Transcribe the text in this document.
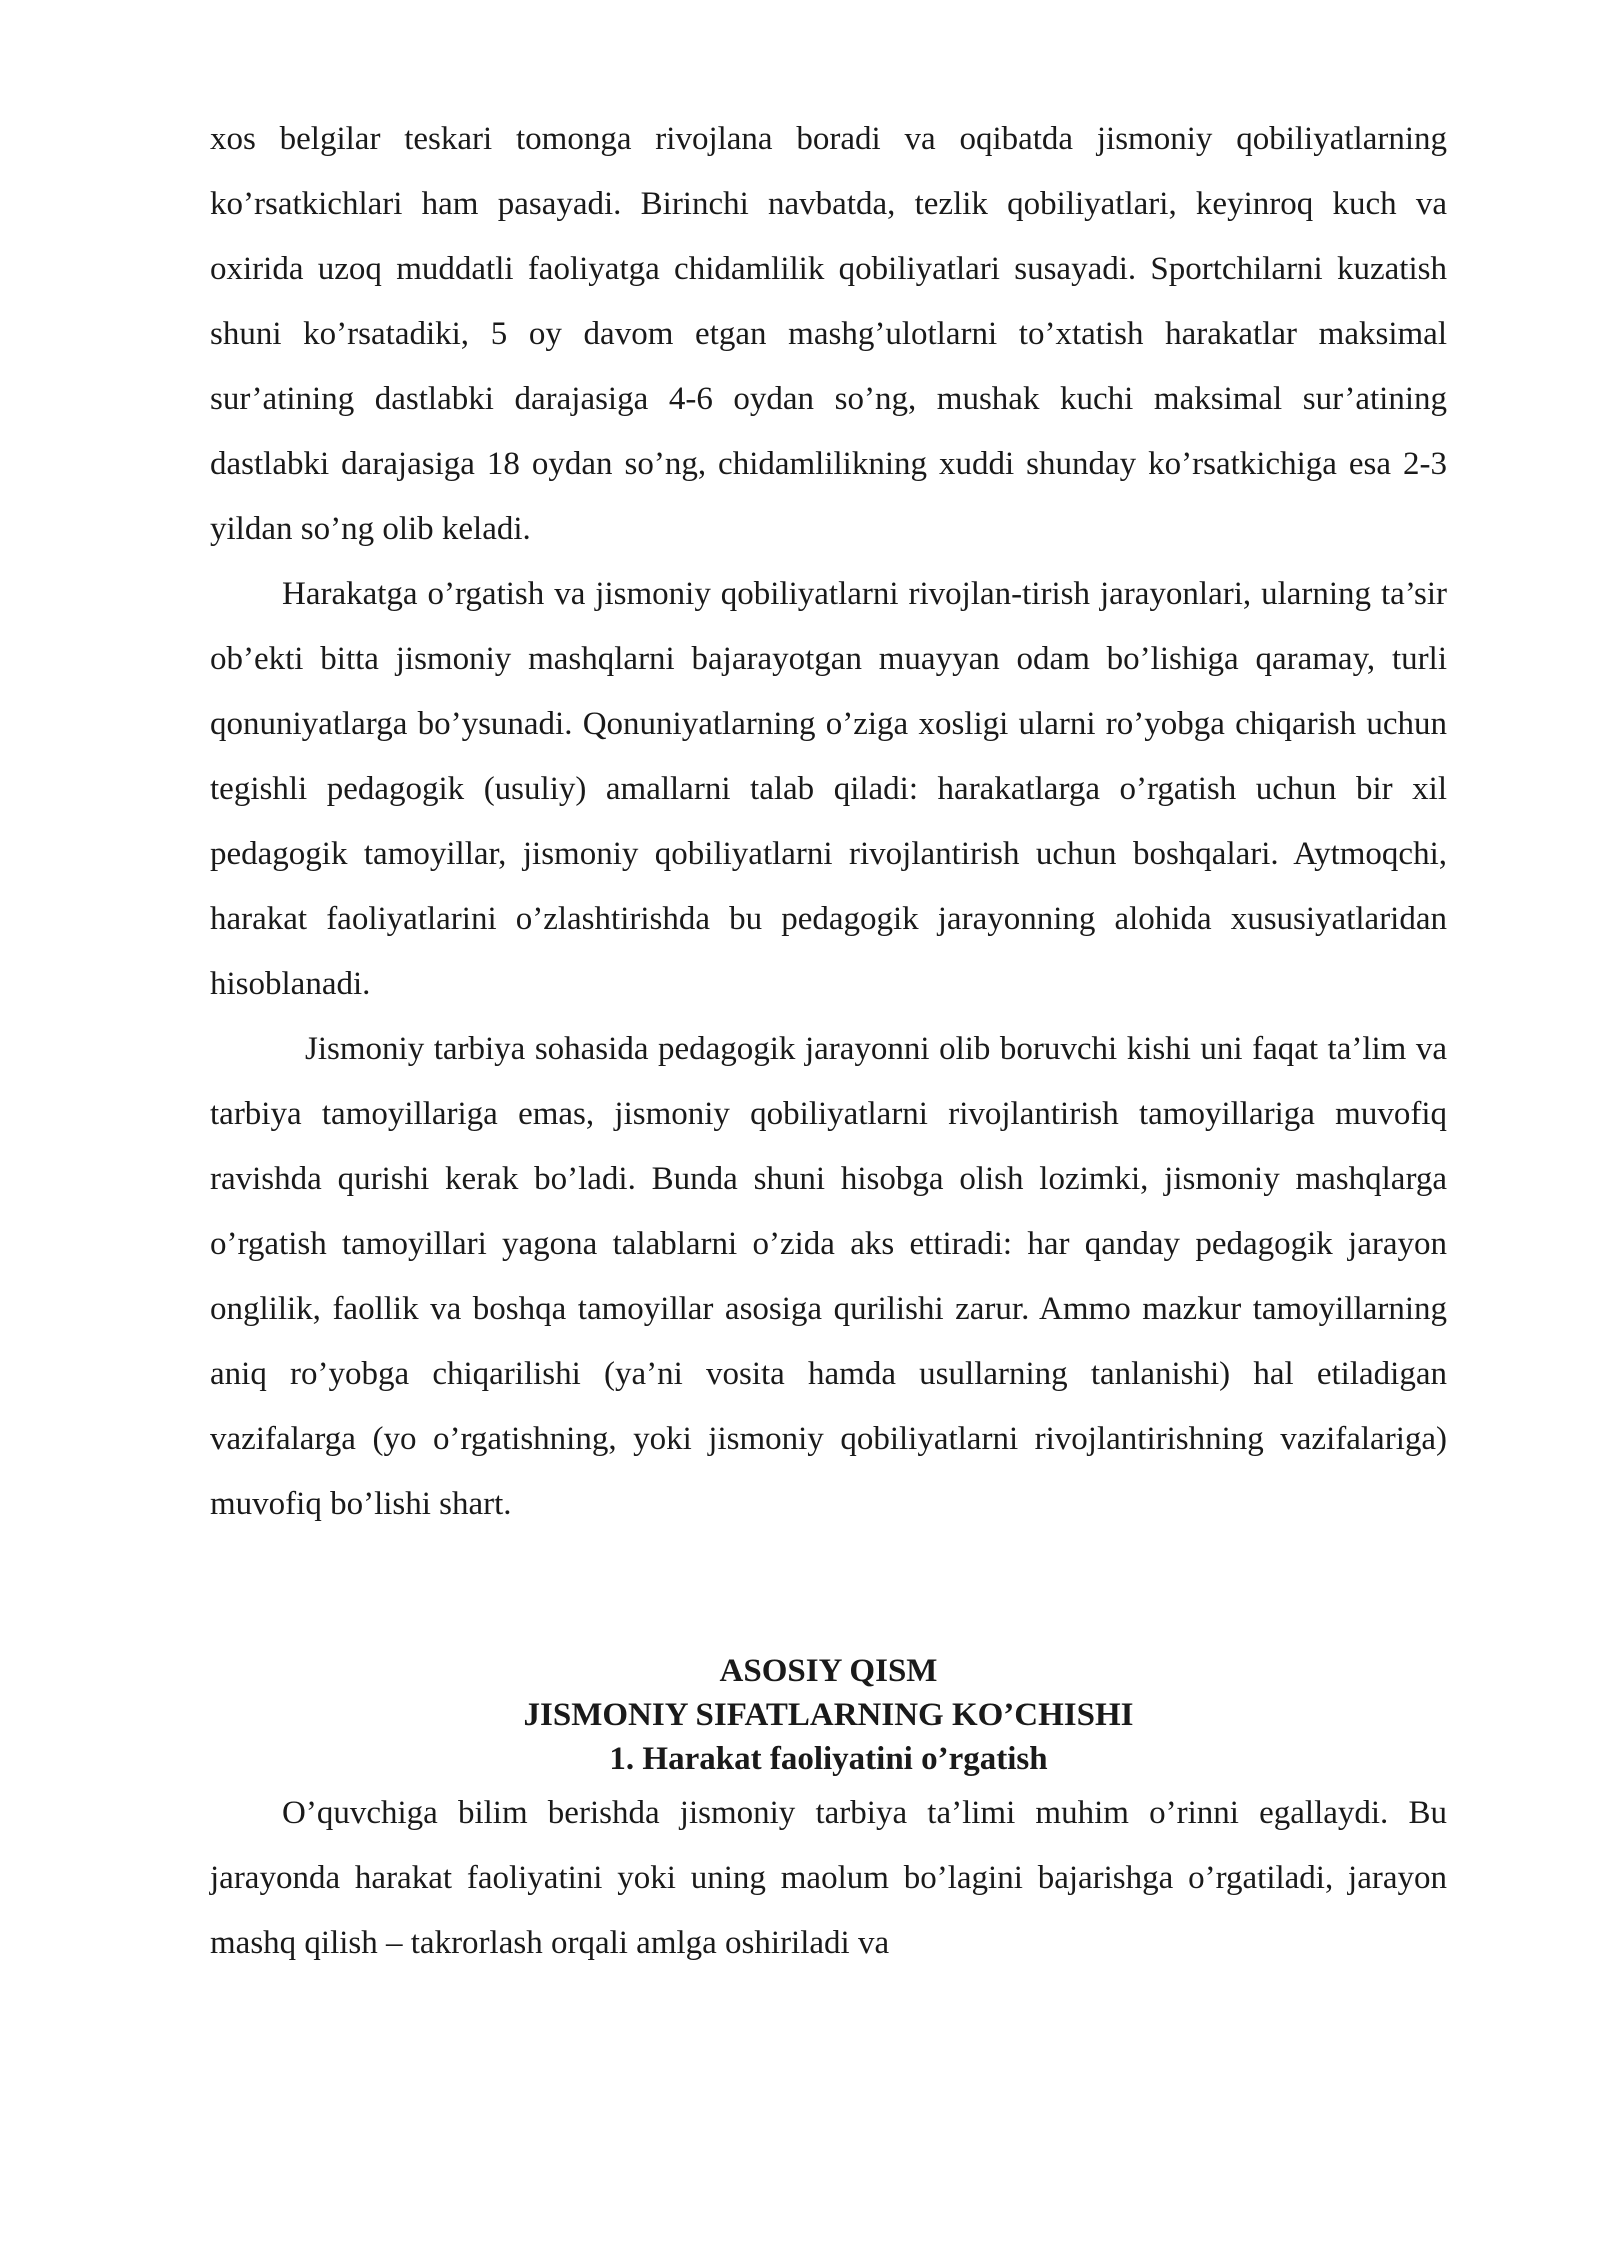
xos belgilar teskari tomonga rivojlana boradi va oqibatda jismoniy qobiliyatlarning ko’rsatkichlari ham pasayadi. Birinchi navbatda, tezlik qobiliyatlari, keyinroq kuch va oxirida uzoq muddatli faoliyatga chidamlilik qobiliyatlari susayadi. Sportchilarni kuzatish shuni ko’rsatadiki, 5 oy davom etgan mashg’ulotlarni to’xtatish harakatlar maksimal sur’atining dastlabki darajasiga 4-6 oydan so’ng, mushak kuchi maksimal sur’atining dastlabki darajasiga 18 oydan so’ng, chidamlilikning xuddi shunday ko’rsatkichiga esa 2-3 yildan so’ng olib keladi.

Harakatga o’rgatish va jismoniy qobiliyatlarni rivojlan-tirish jarayonlari, ularning ta’sir ob’ekti bitta jismoniy mashqlarni bajarayotgan muayyan odam bo’lishiga qaramay, turli qonuniyatlarga bo’ysunadi. Qonuniyatlarning o’ziga xosligi ularni ro’yobga chiqarish uchun tegishli pedagogik (usuliy) amallarni talab qiladi: harakatlarga o’rgatish uchun bir xil pedagogik tamoyillar, jismoniy qobiliyatlarni rivojlantirish uchun boshqalari. Aytmoqchi, harakat faoliyatlarini o’zlashtirishda bu pedagogik jarayonning alohida xususiyatlaridan hisoblanadi.

Jismoniy tarbiya sohasida pedagogik jarayonni olib boruvchi kishi uni faqat ta’lim va tarbiya tamoyillariga emas, jismoniy qobiliyatlarni rivojlantirish tamoyillariga muvofiq ravishda qurishi kerak bo’ladi. Bunda shuni hisobga olish lozimki, jismoniy mashqlarga o’rgatish tamoyillari yagona talablarni o’zida aks ettiradi: har qanday pedagogik jarayon onglilik, faollik va boshqa tamoyillar asosiga qurilishi zarur. Ammo mazkur tamoyillarning aniq ro’yobga chiqarilishi (ya’ni vosita hamda usullarning tanlanishi) hal etiladigan vazifalarga (yo o’rgatishning, yoki jismoniy qobiliyatlarni rivojlantirishning vazifalariga) muvofiq bo’lishi shart.

ASOSIY QISM
JISMONIY SIFATLARNING KO’CHISHI
1. Harakat faoliyatini o’rgatish

O’quvchiga bilim berishda jismoniy tarbiya ta’limi muhim o’rinni egallaydi. Bu jarayonda harakat faoliyatini yoki uning maolum bo’lagini bajarishga o’rgatiladi, jarayon mashq qilish – takrorlash orqali amlga oshiriladi va
